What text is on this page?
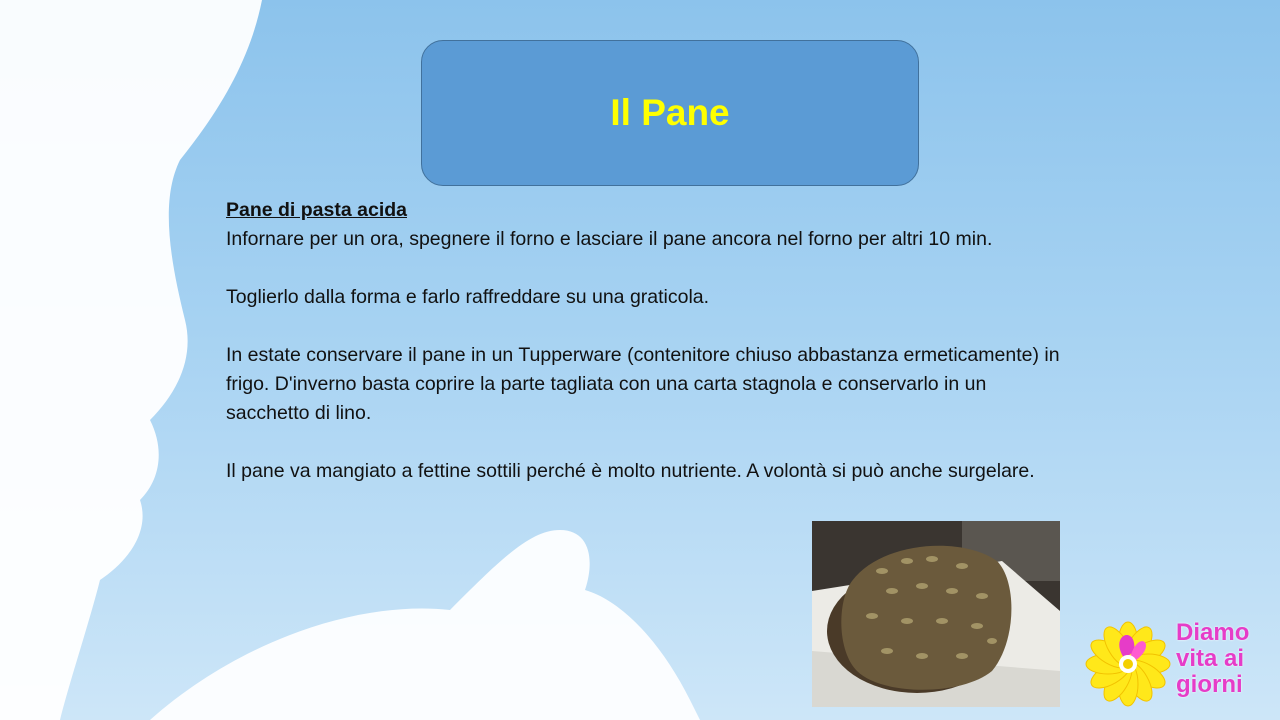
Il Pane

Pane di pasta acida

Infornare per un ora, spegnere il forno e lasciare il pane ancora nel forno per altri 10 min.

Toglierlo dalla forma e farlo raffreddare su una graticola.

In estate conservare il pane in un Tupperware (contenitore chiuso abbastanza ermeticamente) in frigo. D'inverno basta coprire la parte tagliata con una carta stagnola e conservarlo in un sacchetto di lino.

Il pane va mangiato a fettine sottili perché è molto nutriente. A volontà si può anche surgelare.

Diamo
vita ai
giorni
